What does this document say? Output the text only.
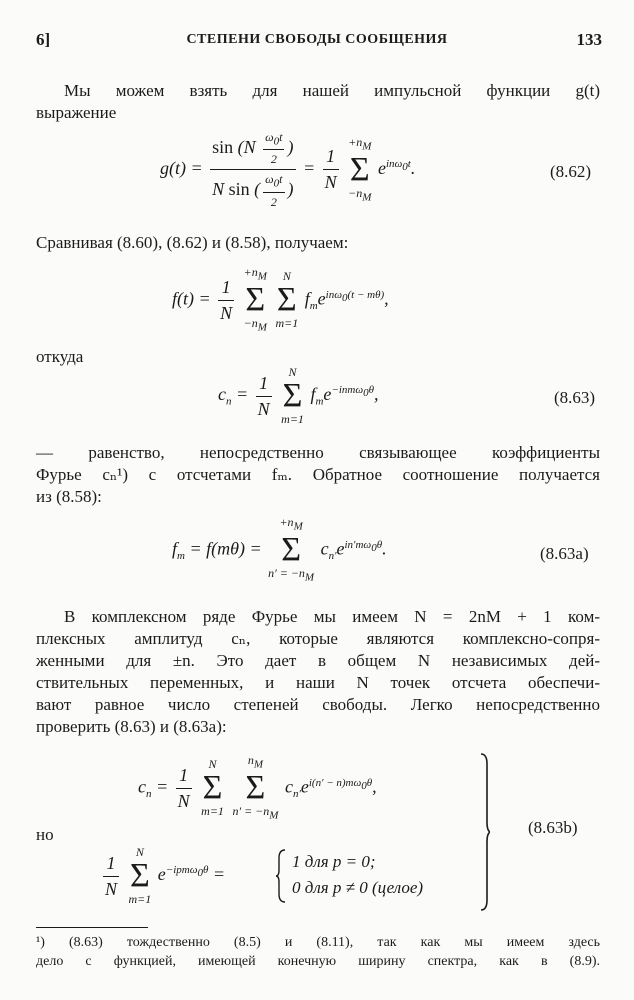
6]	СТЕПЕНИ СВОБОДЫ СООБЩЕНИЯ	133
Мы можем взять для нашей импульсной функции g(t)
выражение
$g(t) = \frac{\sin (N \frac{\omega_0t}{2} )}{N \sin ( \frac{\omega_0t}{2} )} = \frac{1}{N}$

$+n_M$
Σ
$-n_M$
$e^{in\omega_0t}$.	(8.62)
Сравнивая (8.60), (8.62) и (8.58), получаем:
$f(t) = \frac{1}{N}$

$+n_M$
Σ
$-n_M$

N
Σ
m=1
$f_me^{in\omega_0(t - m\theta)}$,
откуда
$c_n = \frac{1}{N}$

N
Σ
m=1
$f_me^{-inm\omega_0\theta}$,	(8.63)
— равенство, непосредственно связывающее коэффициенты
Фурье cₙ¹) с отсчетами fₘ. Обратное соотношение получается
из (8.58):
$f_m = f(m\theta)$ =
$+n_M$
Σ
$n' = -n_M$
$c_{n'}e^{in'm\omega_0\theta}$.	(8.63a)
В комплексном ряде Фурье мы имеем N = 2nM + 1 ком-
плексных амплитуд cₙ, которые являются комплексно-сопря-
женными для ±n. Это дает в общем N независимых дей-
ствительных переменных, и наши N точек отсчета обеспечи-
вают равное число степеней свободы. Легко непосредственно
проверить (8.63) и (8.63a):
$c_n = \frac{1}{N}$

N
Σ
m=1

$n_M$
Σ
$n' = -n_M$
$c_{n'}e^{i(n' - n)m\omega_0\theta}$,
но
$\frac{1}{N}$

N
Σ
m=1
$e^{-ipm\omega_0\theta}$ =
1 для p = 0;
0 для p ≠ 0 (целое)
(8.63b)
¹) (8.63) тождественно (8.5) и (8.11), так как мы имеем здесь
дело с функцией, имеющей конечную ширину спектра, как в (8.9).
